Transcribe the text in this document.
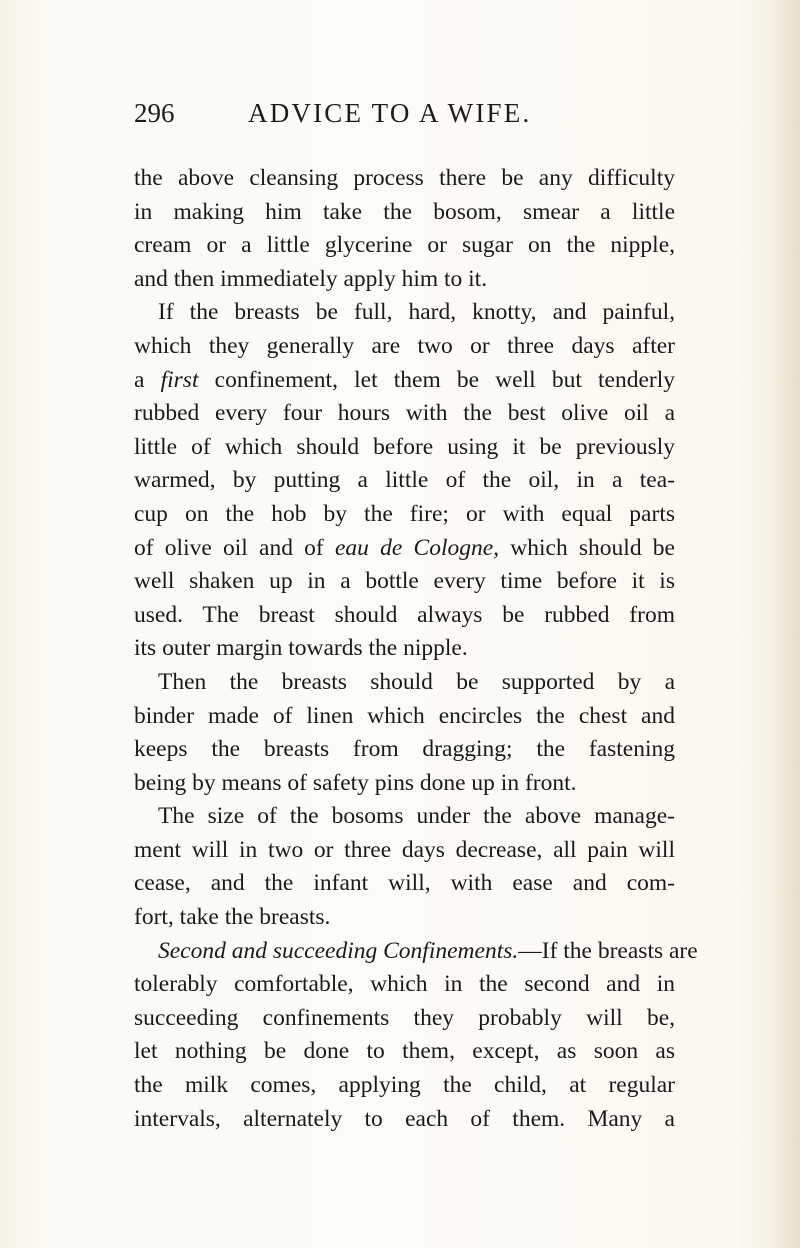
296	ADVICE TO A WIFE.
the above cleansing process there be any difficulty
in making him take the bosom, smear a little
cream or a little glycerine or sugar on the nipple,
and then immediately apply him to it.
If the breasts be full, hard, knotty, and painful,
which they generally are two or three days after
a first confinement, let them be well but tenderly
rubbed every four hours with the best olive oil a
little of which should before using it be previously
warmed, by putting a little of the oil, in a tea-
cup on the hob by the fire; or with equal parts
of olive oil and of eau de Cologne, which should be
well shaken up in a bottle every time before it is
used. The breast should always be rubbed from
its outer margin towards the nipple.
Then the breasts should be supported by a
binder made of linen which encircles the chest and
keeps the breasts from dragging; the fastening
being by means of safety pins done up in front.
The size of the bosoms under the above manage-
ment will in two or three days decrease, all pain will
cease, and the infant will, with ease and com-
fort, take the breasts.
Second and succeeding Confinements.—If the breasts are
tolerably comfortable, which in the second and in
succeeding confinements they probably will be,
let nothing be done to them, except, as soon as
the milk comes, applying the child, at regular
intervals, alternately to each of them. Many a
